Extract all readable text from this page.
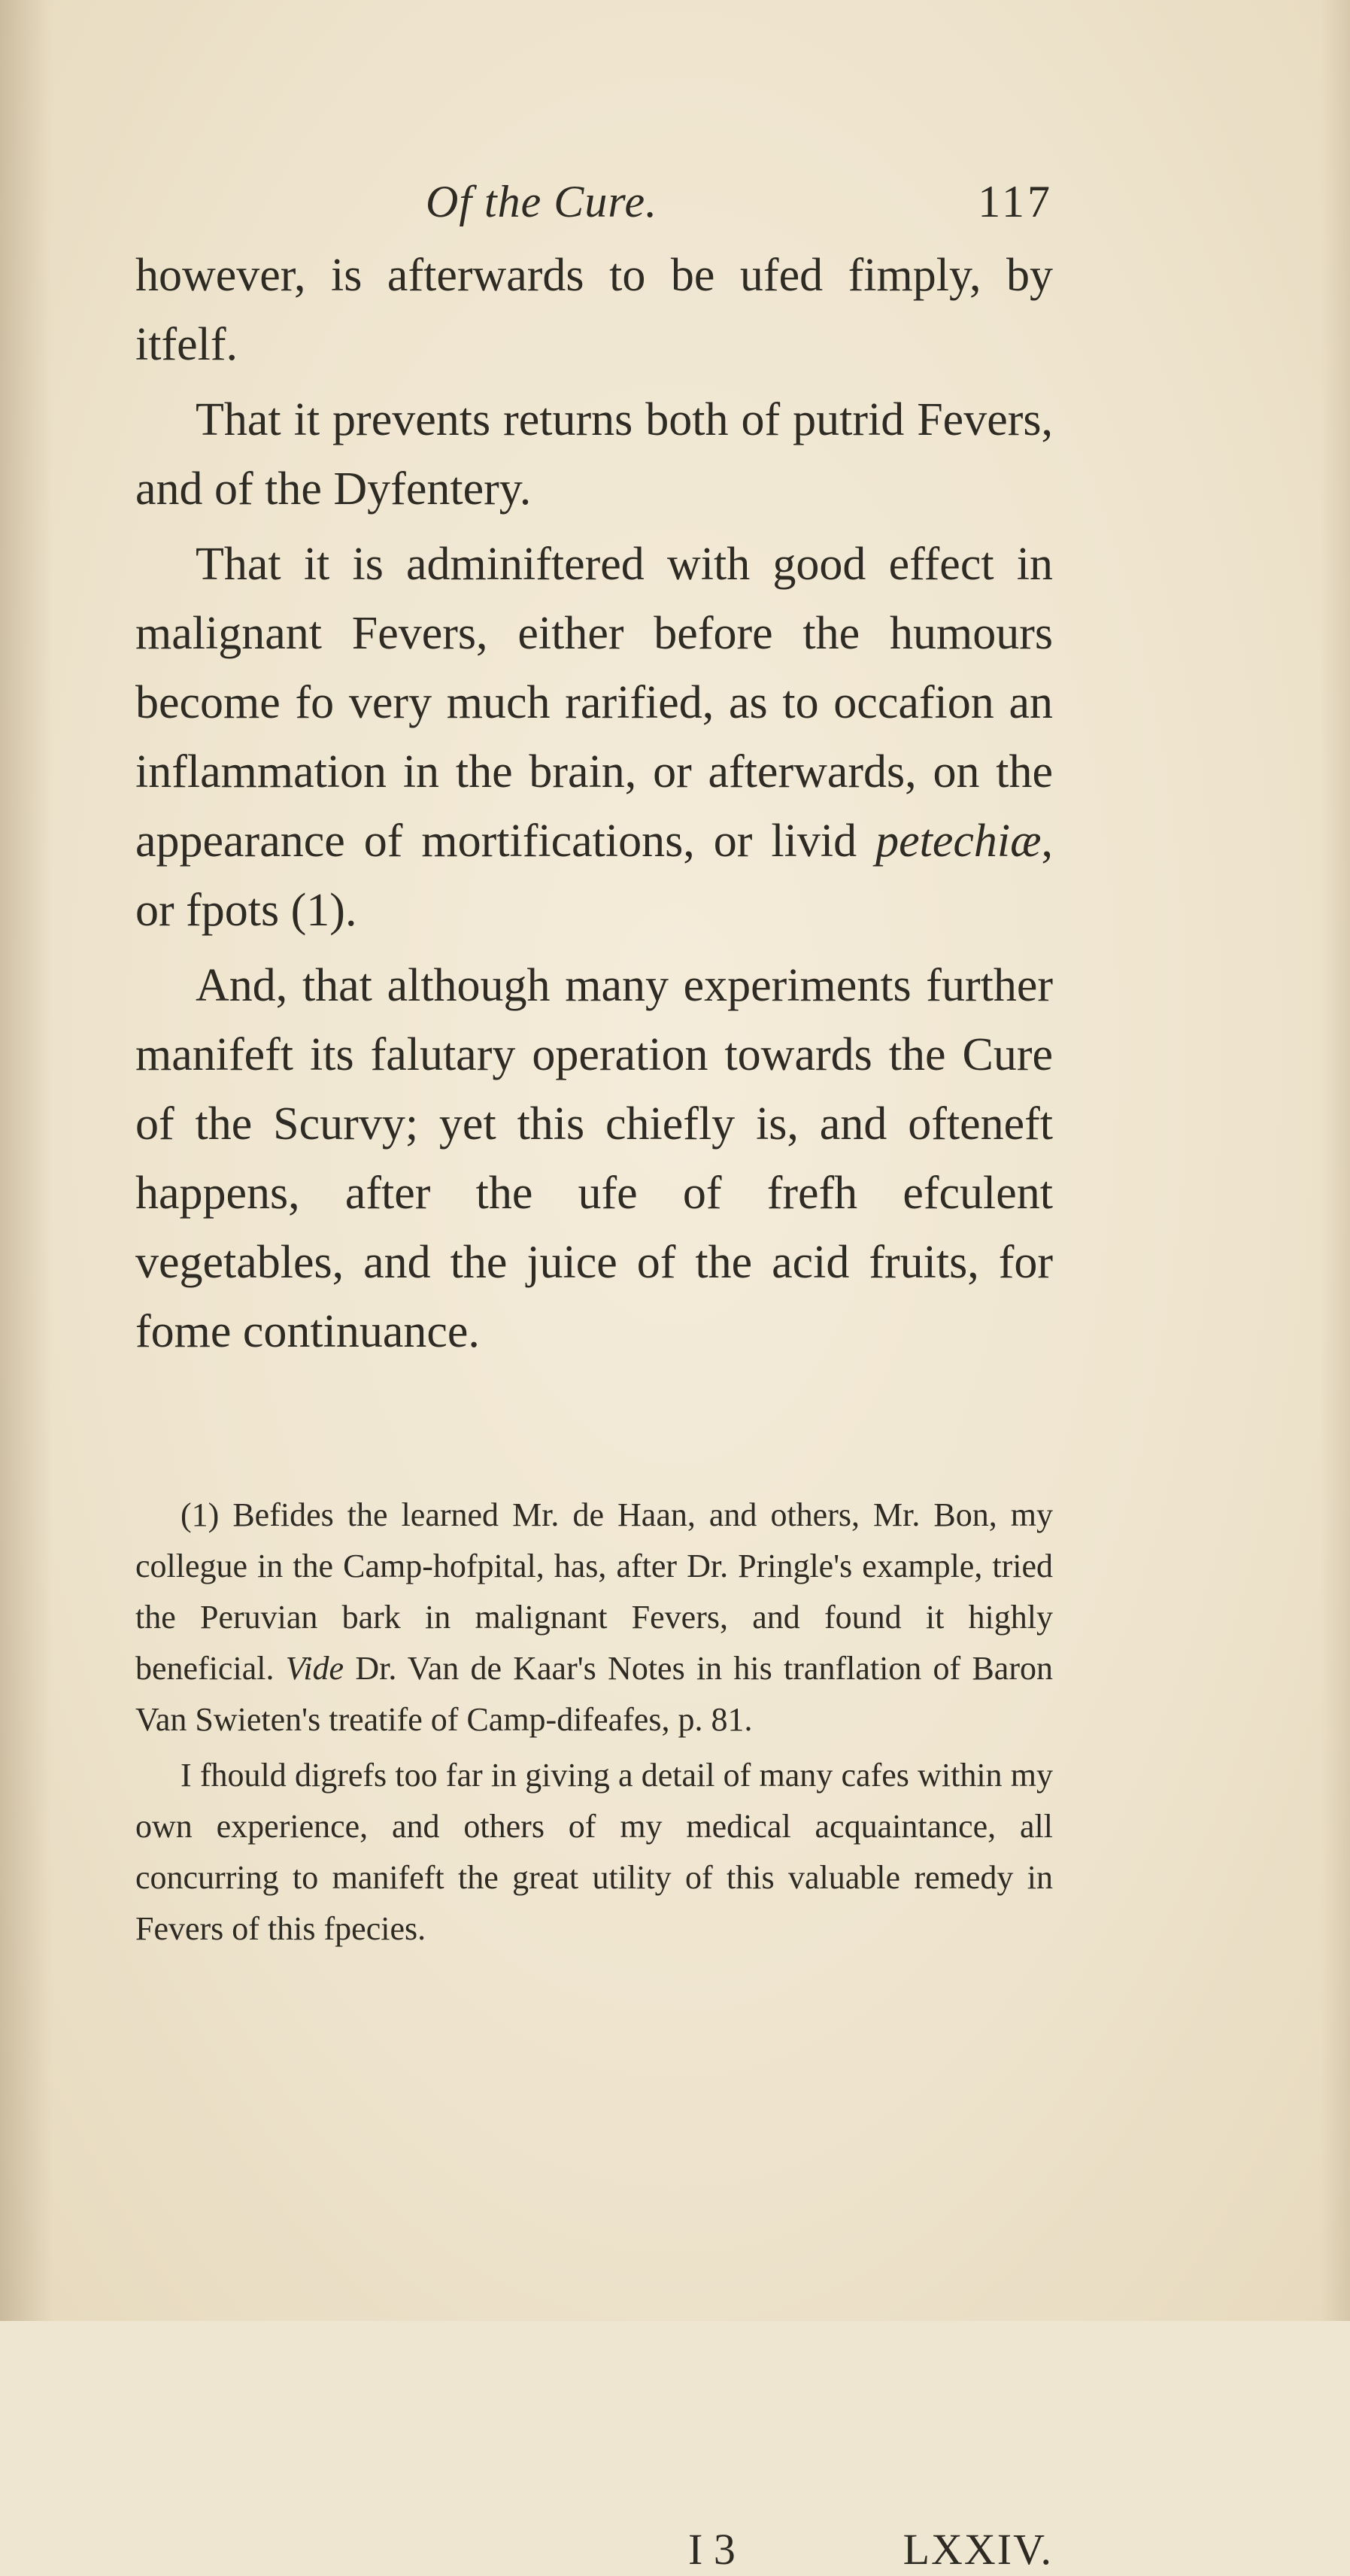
Of the Cure.	117

however, is afterwards to be ufed fimply, by itfelf.

That it prevents returns both of putrid Fevers, and of the Dyfentery.

That it is adminiftered with good effect in malignant Fevers, either before the humours become fo very much rarified, as to occafion an inflammation in the brain, or afterwards, on the appearance of mortifications, or livid petechiæ, or fpots (1).

And, that although many experiments further manifeft its falutary operation towards the Cure of the Scurvy; yet this chiefly is, and ofteneft happens, after the ufe of frefh efculent vegetables, and the juice of the acid fruits, for fome continuance.

(1) Befides the learned Mr. de Haan, and others, Mr. Bon, my collegue in the Camp-hofpital, has, after Dr. Pringle's example, tried the Peruvian bark in malignant Fevers, and found it highly beneficial. Vide Dr. Van de Kaar's Notes in his tranflation of Baron Van Swieten's treatife of Camp-difeafes, p. 81.

I fhould digrefs too far in giving a detail of many cafes within my own experience, and others of my medical acquaintance, all concurring to manifeft the great utility of this valuable remedy in Fevers of this fpecies.

I 3	LXXIV.
